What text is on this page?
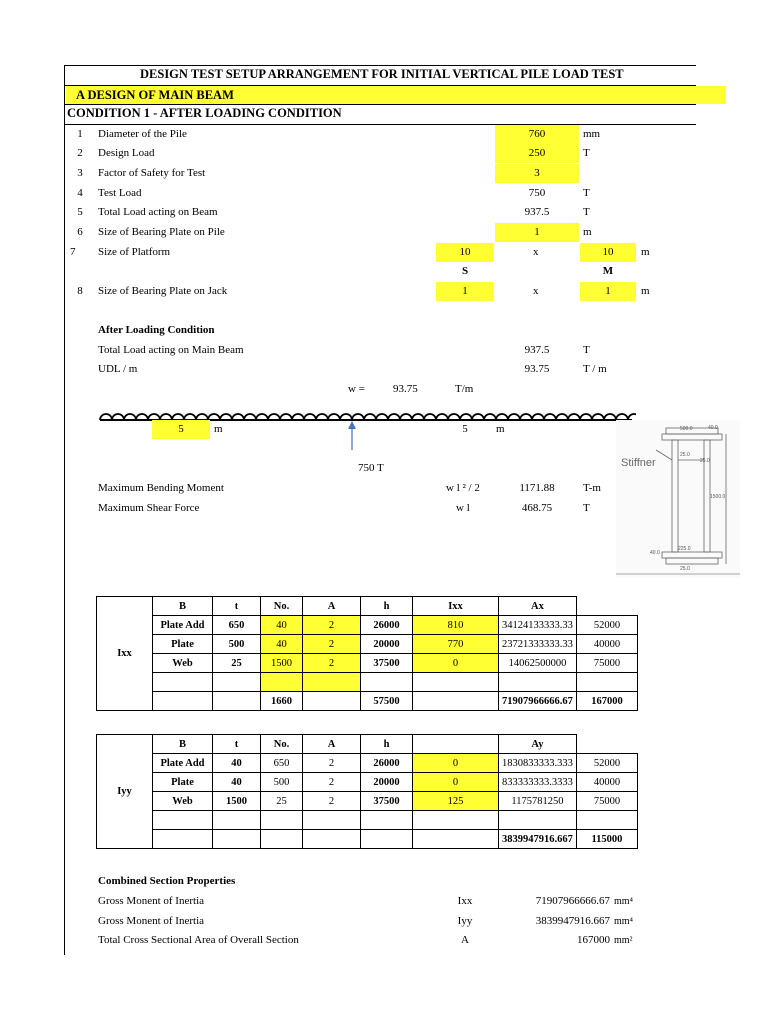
DESIGN TEST SETUP ARRANGEMENT FOR INITIAL VERTICAL PILE LOAD TEST
A DESIGN OF MAIN BEAM
CONDITION 1 - AFTER LOADING CONDITION
1	Diameter of the Pile	760	mm
2	Design Load	250	T
3	Factor of Safety for Test	3
4	Test Load	750	T
5	Total Load acting on Beam	937.5	T
6	Size of Bearing Plate on Pile	1	m
7	Size of Platform	10	x	10	m
S	M
8	Size of Bearing Plate on Jack	1	x	1	m
After Loading Condition
Total Load acting on Main Beam	937.5	T
UDL / m	93.75	T / m
w =	93.75	T/m
5	m	5	m
750 T
Maximum Bending Moment	w l ² / 2	1171.88	T-m
Maximum Shear Force	w l	468.75	T
500.0	40.0
Stiffner
25.0
25.0
1500.0
40.0
225.0
25.0
Ixx	B	t	No.	A	h	Ixx	Ax	
	Plate Add	650	40	2	26000	810	34124133333.33	52000
	Plate	500	40	2	20000	770	23721333333.33	40000
	Web	25	1500	2	37500	0	14062500000	75000

			1660		57500		71907966666.67	167000
Iyy	B	t	No.	A	h		Ay	
	Plate Add	40	650	2	26000	0	1830833333.333	52000
	Plate	40	500	2	20000	0	833333333.3333	40000
	Web	1500	25	2	37500	125	1175781250	75000

							3839947916.667	115000
Combined Section Properties
Gross Monent of Inertia	Ixx	71907966666.67 mm⁴
Gross Monent of Inertia	Iyy	3839947916.667 mm⁴
Total Cross Sectional Area of Overall Section	A	167000 mm²
